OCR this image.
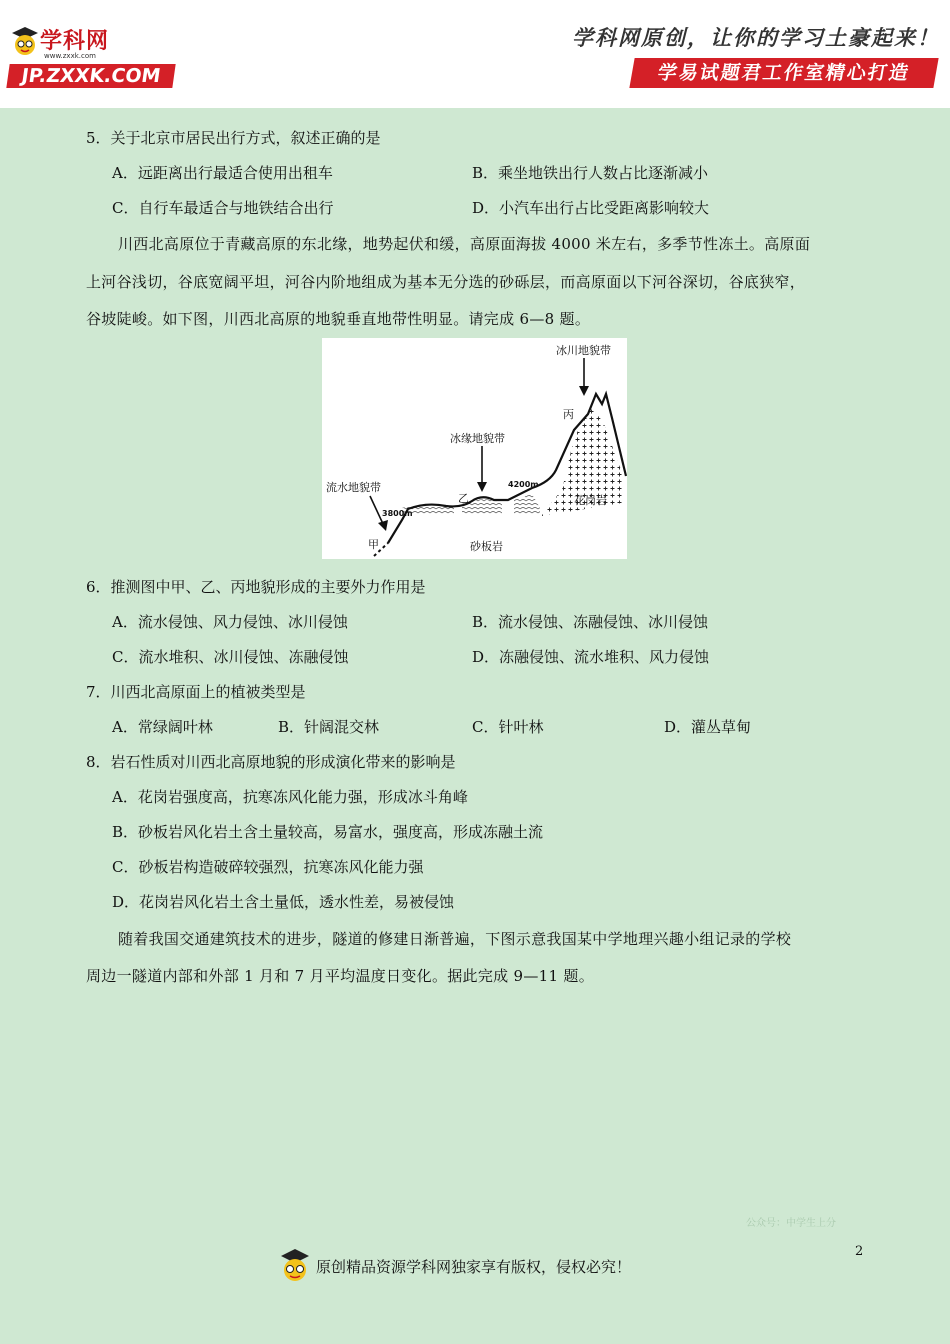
学科网
www.zxxk.com
JP.ZXXK.COM
学科网原创，让你的学习土豪起来！
学易试题君工作室精心打造
5．关于北京市居民出行方式，叙述正确的是
A．远距离出行最适合使用出租车	B．乘坐地铁出行人数占比逐渐减小
C．自行车最适合与地铁结合出行	D．小汽车出行占比受距离影响较大
川西北高原位于青藏高原的东北缘，地势起伏和缓，高原面海拔 4000 米左右，多季节性冻土。高原面
上河谷浅切，谷底宽阔平坦，河谷内阶地组成为基本无分选的砂砾层，而高原面以下河谷深切，谷底狭窄，
谷坡陡峻。如下图，川西北高原的地貌垂直地带性明显。请完成 6—8 题。
冰川地貌带
冰缘地貌带
流水地貌带
花岗岩
砂板岩
4200m
3800m
甲
乙
丙
6．推测图中甲、乙、丙地貌形成的主要外力作用是
A．流水侵蚀、风力侵蚀、冰川侵蚀	B．流水侵蚀、冻融侵蚀、冰川侵蚀
C．流水堆积、冰川侵蚀、冻融侵蚀	D．冻融侵蚀、流水堆积、风力侵蚀
7．川西北高原面上的植被类型是
A．常绿阔叶林	B．针阔混交林	C．针叶林	D．灌丛草甸
8．岩石性质对川西北高原地貌的形成演化带来的影响是
A．花岗岩强度高，抗寒冻风化能力强，形成冰斗角峰
B．砂板岩风化岩土含土量较高，易富水，强度高，形成冻融土流
C．砂板岩构造破碎较强烈，抗寒冻风化能力强
D．花岗岩风化岩土含土量低，透水性差，易被侵蚀
随着我国交通建筑技术的进步，隧道的修建日渐普遍，下图示意我国某中学地理兴趣小组记录的学校
周边一隧道内部和外部 1 月和 7 月平均温度日变化。据此完成 9—11 题。
公众号：中学生上分
2
原创精品资源学科网独家享有版权，侵权必究！
